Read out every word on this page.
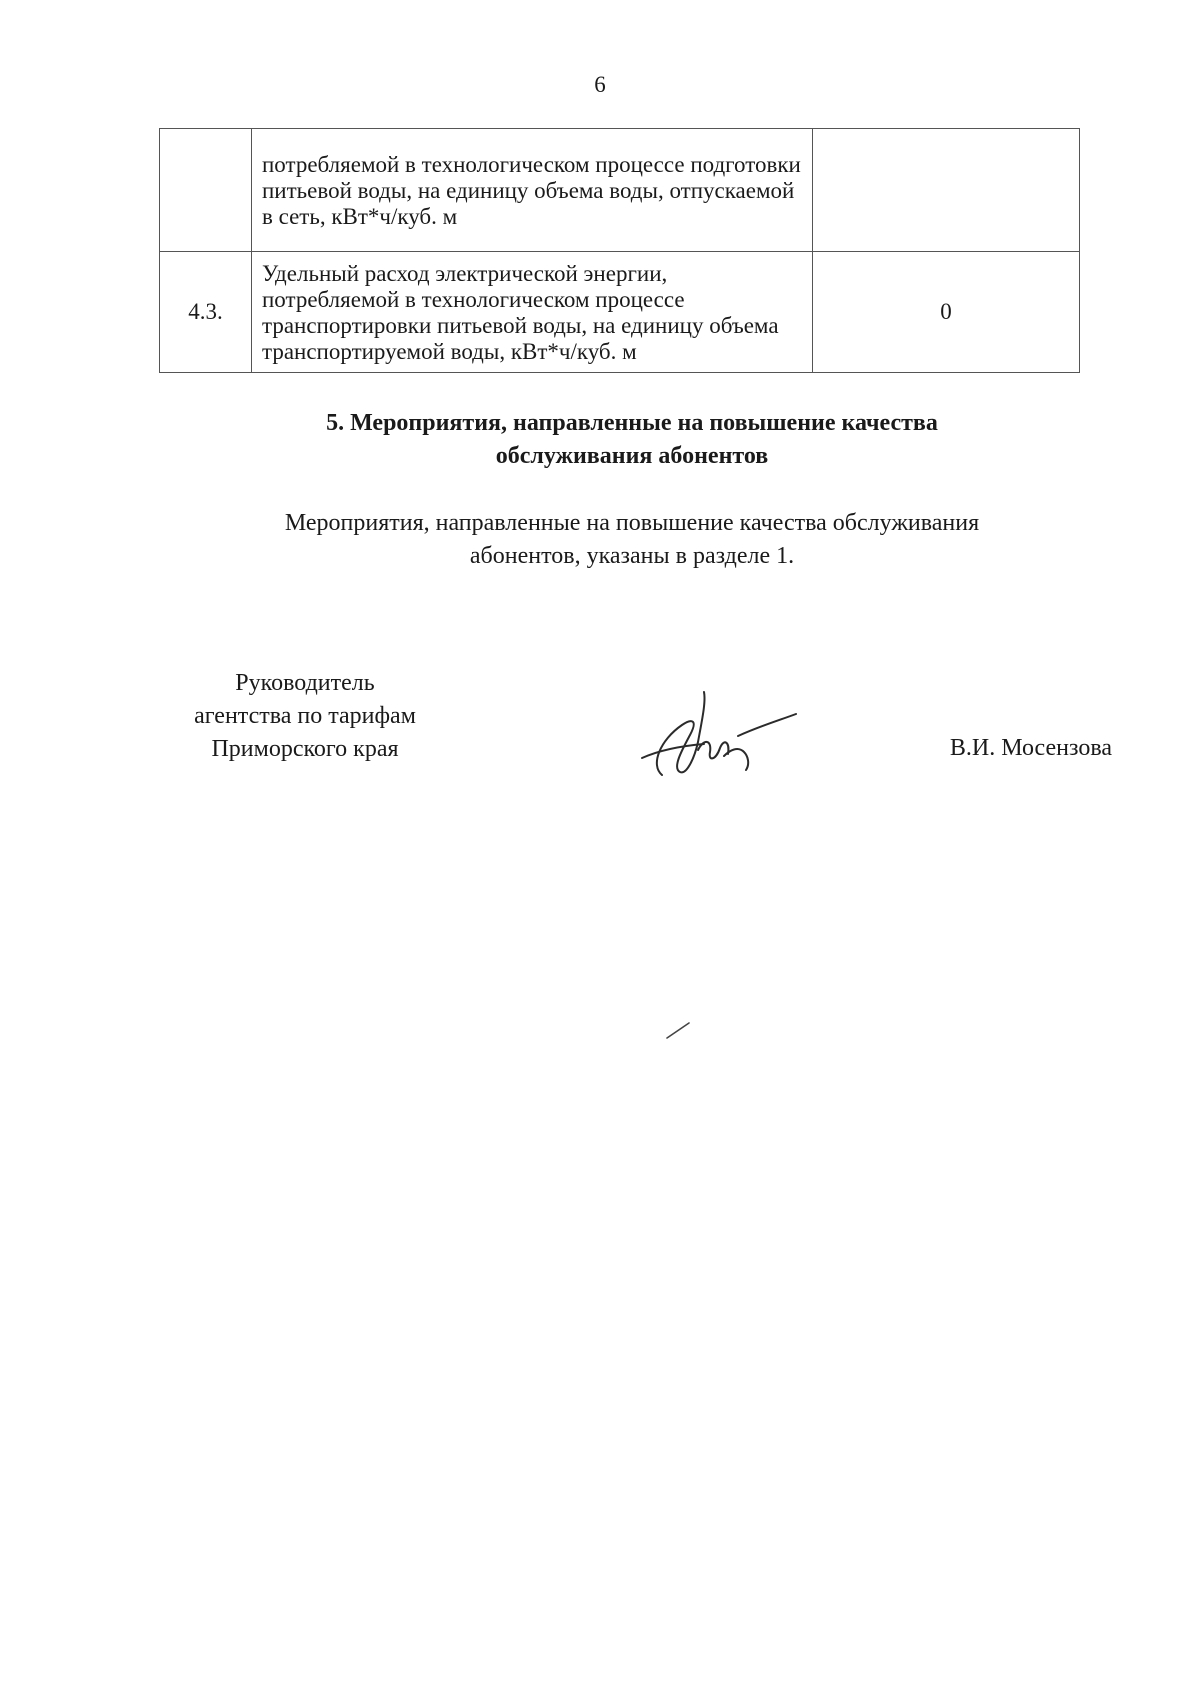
6
	потребляемой в технологическом процессе подготовки питьевой воды, на единицу объема воды, отпускаемой в сеть, кВт*ч/куб. м	
4.3.	Удельный расход электрической энергии, потребляемой в технологическом процессе транспортировки питьевой воды, на единицу объема транспортируемой воды, кВт*ч/куб. м	0
5. Мероприятия, направленные на повышение качества
обслуживания абонентов
Мероприятия, направленные на повышение качества обслуживания
абонентов, указаны в разделе 1.
Руководитель
агентства по тарифам
Приморского края	В.И. Мосензова
